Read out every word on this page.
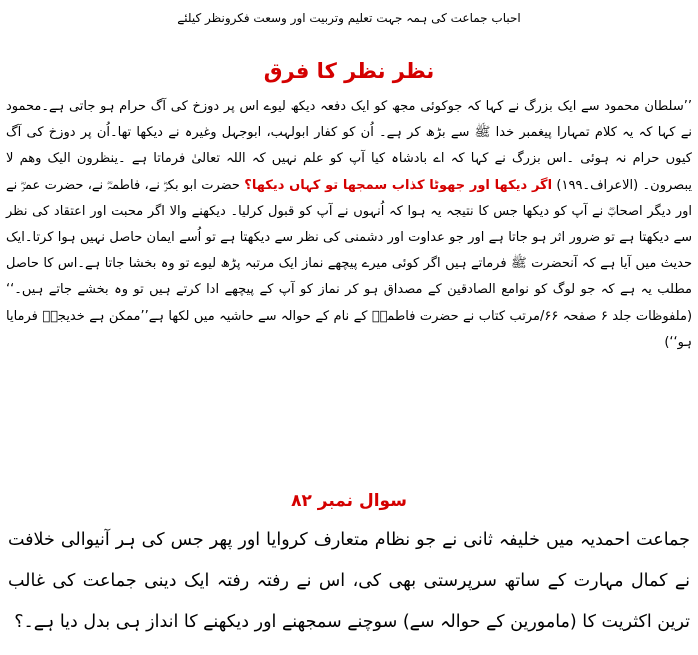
احباب جماعت کی ہمہ جہت تعلیم وتربیت اور وسعت فکرونظر کیلئے
نظر نظر کا فرق
’’سلطان محمود سے ایک بزرگ نے کہا کہ جوکوئی مجھ کو ایک دفعہ دیکھ لیوے اس پر دوزخ کی آگ حرام ہو جاتی ہے۔محمود نے کہا کہ یہ کلام تمہارا پیغمبر خدا ﷺ سے بڑھ کر ہے۔ اُن کو کفار ابولہب، ابوجہل وغیرہ نے دیکھا تھا۔اُن پر دوزخ کی آگ کیوں حرام نہ ہوئی ۔اس بزرگ نے کہا کہ اے بادشاہ کیا آپ کو علم نہیں کہ اللہ تعالیٰ فرماتا ہے ۔ینظرون الیک وھم لا یبصرون۔ (الاعراف۔۱۹۹) اگر دیکھا اور جھوٹا کذاب سمجھا تو کہاں دیکھا؟ حضرت ابو بکرؓ نے، فاطمہؓ نے، حضرت عمرؓ نے اور دیگر اصحابؓ نے آپ کو دیکھا جس کا نتیجہ یہ ہوا کہ اُنہوں نے آپ کو قبول کرلیا۔ دیکھنے والا اگر محبت اور اعتقاد کی نظر سے دیکھتا ہے تو ضرور اثر ہو جاتا ہے اور جو عداوت اور دشمنی کی نظر سے دیکھتا ہے تو اُسے ایمان حاصل نہیں ہوا کرتا۔ایک حدیث میں آیا ہے کہ آنحضرت ﷺ فرماتے ہیں اگر کوئی میرے پیچھے نماز ایک مرتبہ پڑھ لیوے تو وہ بخشا جاتا ہے۔اس کا حاصل مطلب یہ ہے کہ جو لوگ کو نوامع الصادقین کے مصداق ہو کر نماز کو آپ کے پیچھے ادا کرتے ہیں تو وہ بخشے جاتے ہیں۔‘‘ (ملفوظات جلد ۶ صفحہ ۶۶/مرتب کتاب نے حضرت فاطمہؓ کے نام کے حوالہ سے حاشیہ میں لکھا ہے’’ممکن ہے خدیجہؓ فرمایا ہو‘‘)
سوال نمبر ۸۲
جماعت احمدیہ میں خلیفہ ثانی نے جو نظام متعارف کروایا اور پھر جس کی ہر آنیوالی خلافت نے کمال مہارت کے ساتھ سرپرستی بھی کی، اس نے رفتہ رفتہ ایک دینی جماعت کی غالب ترین اکثریت کا (مامورین کے حوالہ سے) سوچنے سمجھنے اور دیکھنے کا انداز ہی بدل دیا ہے۔؟
